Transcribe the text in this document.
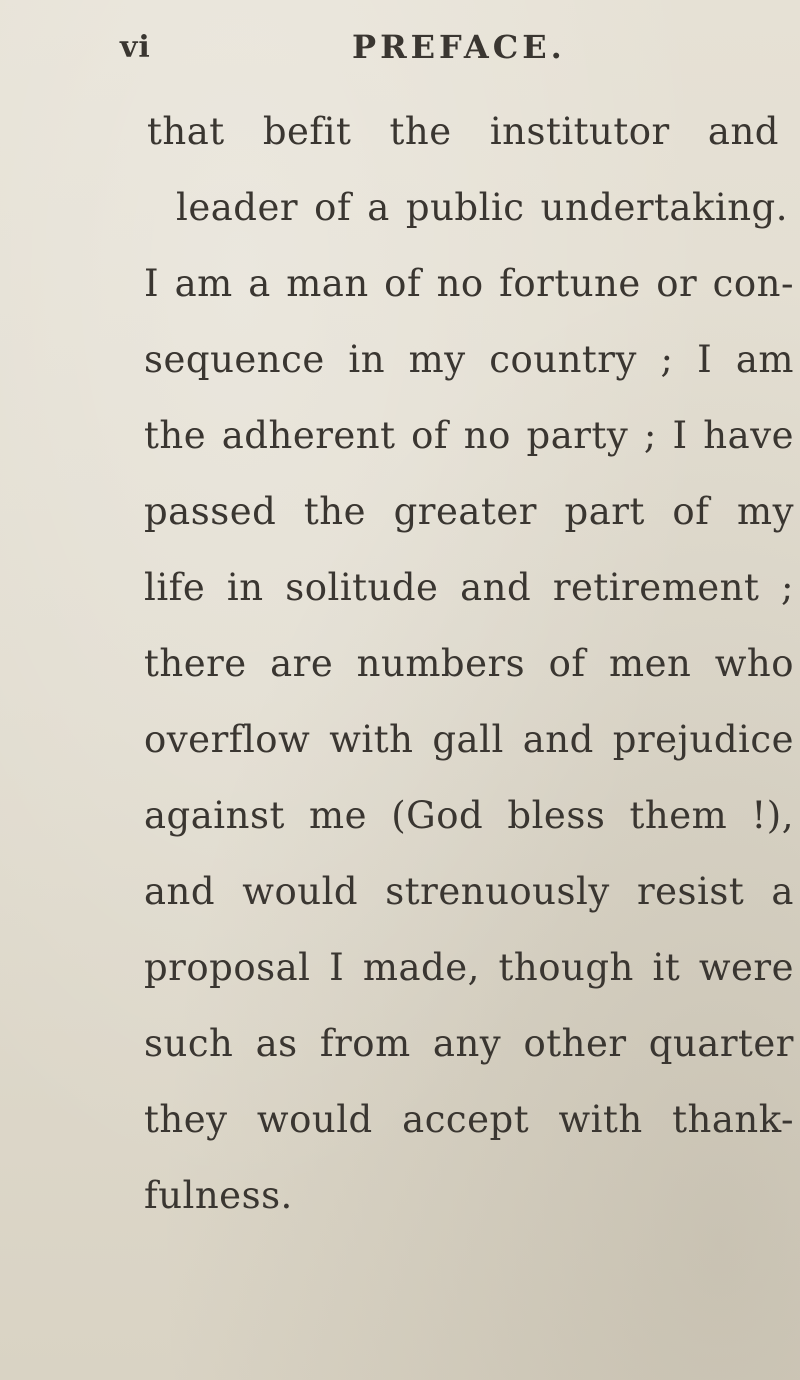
vi	PREFACE.
that befit the institutor and
leader of a public undertaking.
I am a man of no fortune or con-
sequence in my country ; I am
the adherent of no party ; I have
passed the greater part of my
life in solitude and retirement ;
there are numbers of men who
overflow with gall and prejudice
against me (God bless them !),
and would strenuously resist a
proposal I made, though it were
such as from any other quarter
they would accept with thank-
fulness.
